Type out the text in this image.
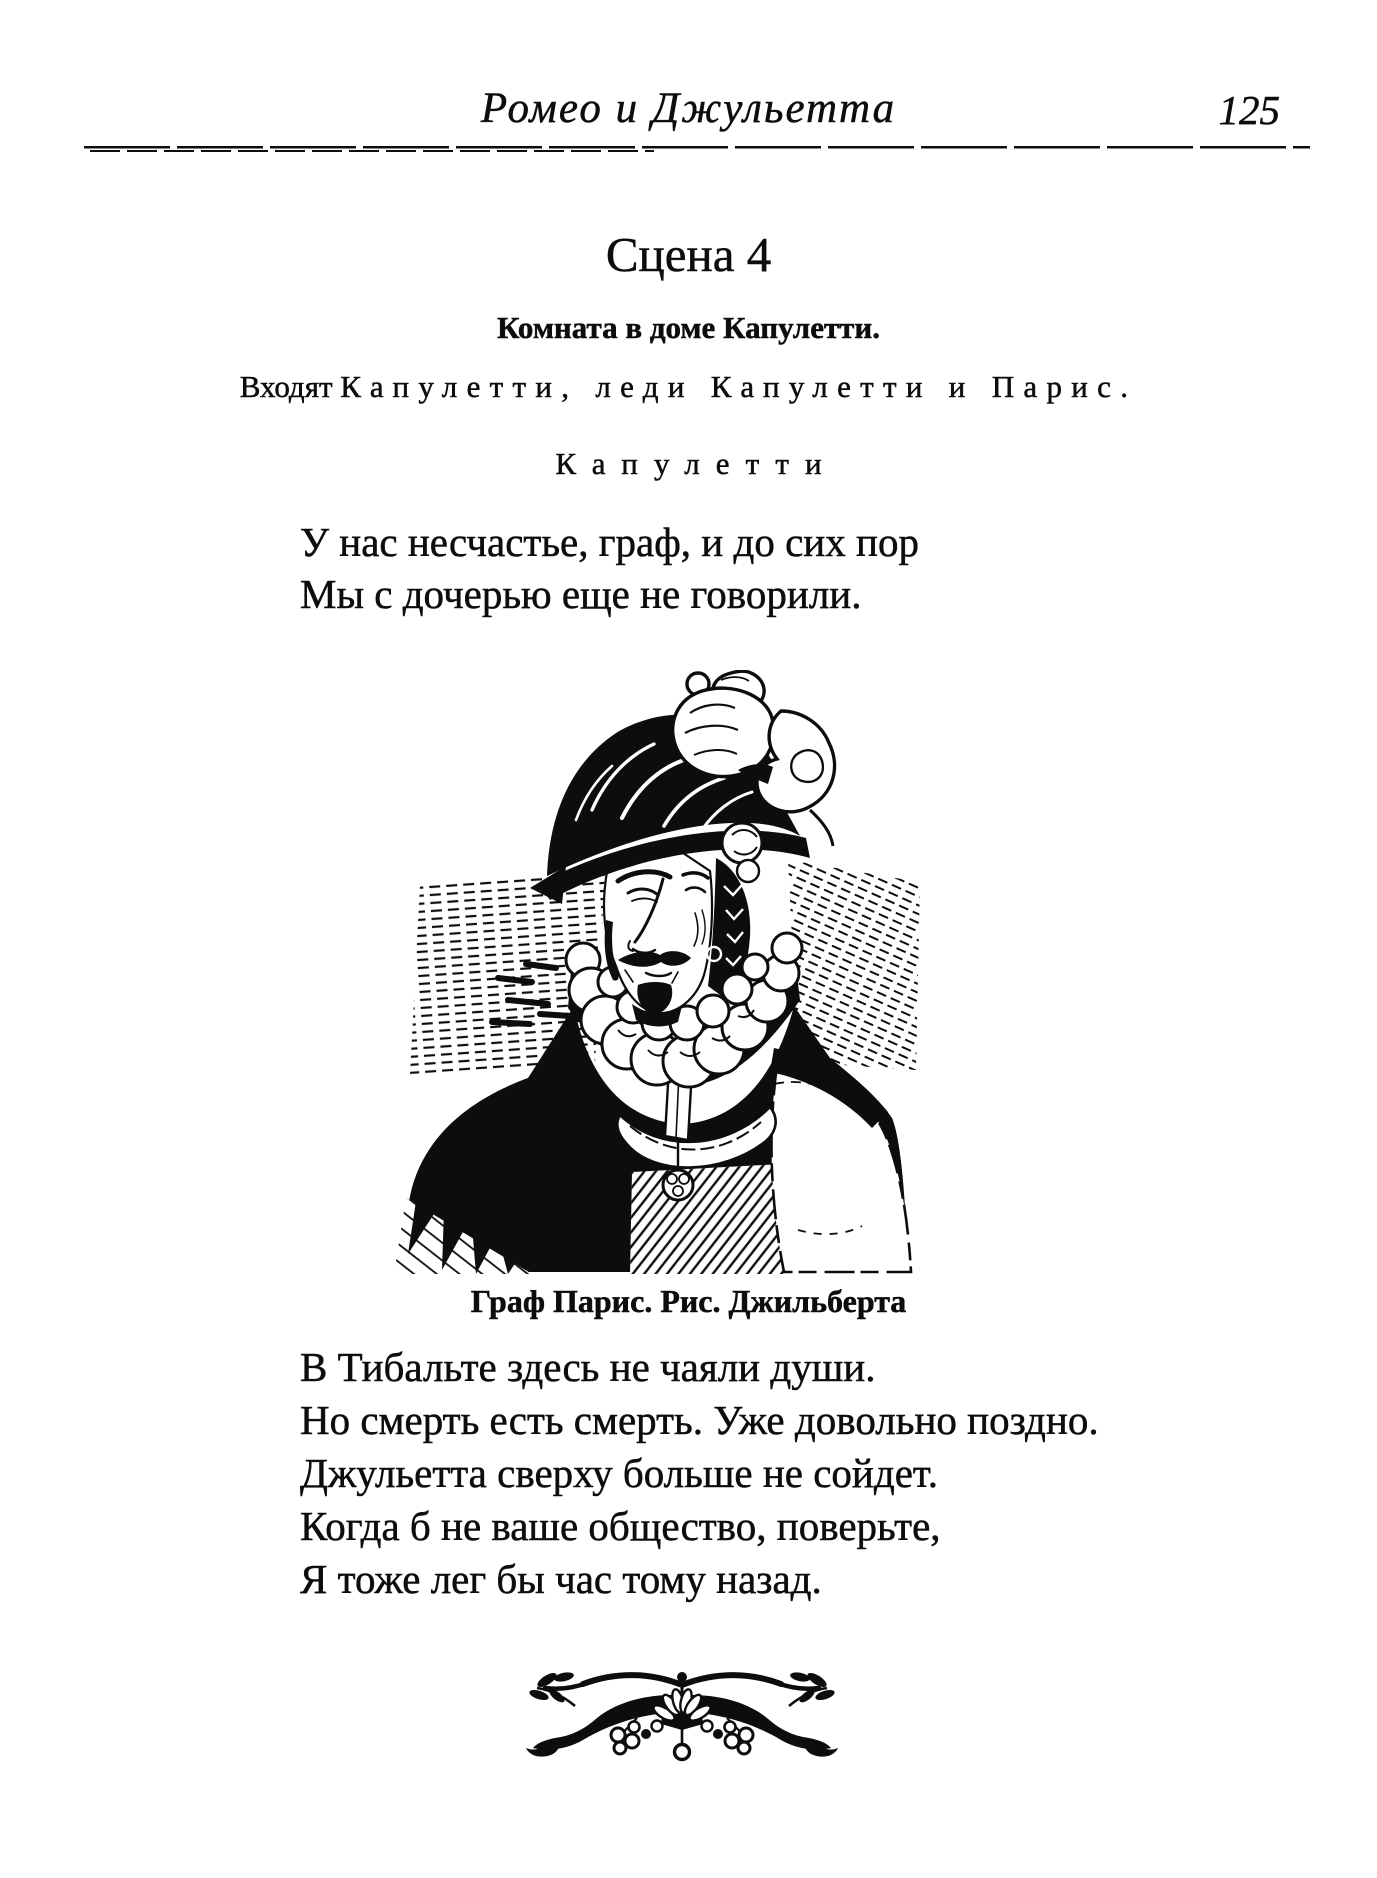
Ромео и Джульетта	125
Сцена 4

Комната в доме Капулетти.

Входят Капулетти, леди Капулетти и Парис.

Капулетти

У нас несчастье, граф, и до сих пор
Мы с дочерью еще не говорили.

Граф Парис. Рис. Джильберта

В Тибальте здесь не чаяли души.
Но смерть есть смерть. Уже довольно поздно.
Джульетта сверху больше не сойдет.
Когда б не ваше общество, поверьте,
Я тоже лег бы час тому назад.
